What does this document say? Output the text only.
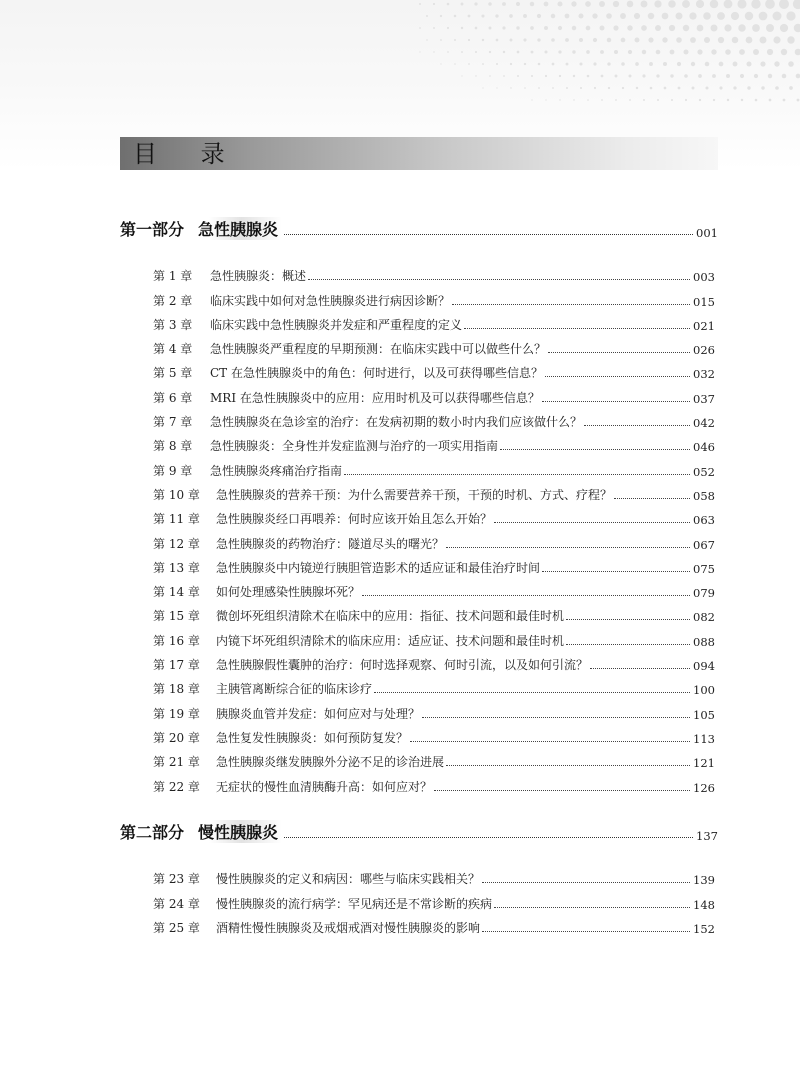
目 录
第一部分 急性胰腺炎	001
第 1 章	急性胰腺炎：概述	003
第 2 章	临床实践中如何对急性胰腺炎进行病因诊断？	015
第 3 章	临床实践中急性胰腺炎并发症和严重程度的定义	021
第 4 章	急性胰腺炎严重程度的早期预测：在临床实践中可以做些什么？	026
第 5 章	CT 在急性胰腺炎中的角色：何时进行，以及可获得哪些信息？	032
第 6 章	MRI 在急性胰腺炎中的应用：应用时机及可以获得哪些信息？	037
第 7 章	急性胰腺炎在急诊室的治疗：在发病初期的数小时内我们应该做什么？	042
第 8 章	急性胰腺炎：全身性并发症监测与治疗的一项实用指南	046
第 9 章	急性胰腺炎疼痛治疗指南	052
第 10 章	急性胰腺炎的营养干预：为什么需要营养干预，干预的时机、方式、疗程？	058
第 11 章	急性胰腺炎经口再喂养：何时应该开始且怎么开始？	063
第 12 章	急性胰腺炎的药物治疗：隧道尽头的曙光？	067
第 13 章	急性胰腺炎中内镜逆行胰胆管造影术的适应证和最佳治疗时间	075
第 14 章	如何处理感染性胰腺坏死？	079
第 15 章	微创坏死组织清除术在临床中的应用：指征、技术问题和最佳时机	082
第 16 章	内镜下坏死组织清除术的临床应用：适应证、技术问题和最佳时机	088
第 17 章	急性胰腺假性囊肿的治疗：何时选择观察、何时引流，以及如何引流？	094
第 18 章	主胰管离断综合征的临床诊疗	100
第 19 章	胰腺炎血管并发症：如何应对与处理？	105
第 20 章	急性复发性胰腺炎：如何预防复发？	113
第 21 章	急性胰腺炎继发胰腺外分泌不足的诊治进展	121
第 22 章	无症状的慢性血清胰酶升高：如何应对？	126
第二部分 慢性胰腺炎	137
第 23 章	慢性胰腺炎的定义和病因：哪些与临床实践相关？	139
第 24 章	慢性胰腺炎的流行病学：罕见病还是不常诊断的疾病	148
第 25 章	酒精性慢性胰腺炎及戒烟戒酒对慢性胰腺炎的影响	152
